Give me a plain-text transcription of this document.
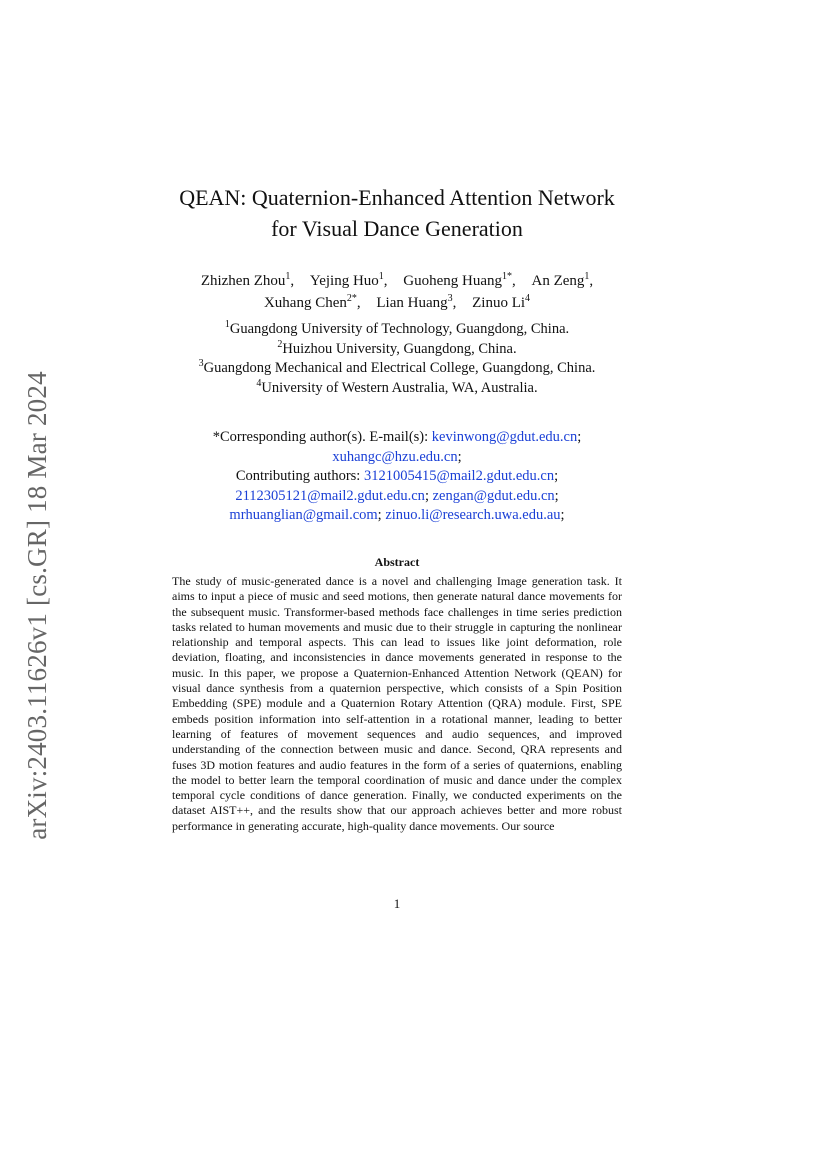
arXiv:2403.11626v1 [cs.GR] 18 Mar 2024
QEAN: Quaternion-Enhanced Attention Network
for Visual Dance Generation
Zhizhen Zhou$^1$, Yejing Huo$^1$, Guoheng Huang$^{1*}$, An Zeng$^1$,
Xuhang Chen$^{2*}$, Lian Huang$^3$, Zinuo Li$^4$
$^1$Guangdong University of Technology, Guangdong, China.
$^2$Huizhou University, Guangdong, China.
$^3$Guangdong Mechanical and Electrical College, Guangdong, China.
$^4$University of Western Australia, WA, Australia.
*Corresponding author(s). E-mail(s): kevinwong@gdut.edu.cn;
xuhangc@hzu.edu.cn;
Contributing authors: 3121005415@mail2.gdut.edu.cn;
2112305121@mail2.gdut.edu.cn; zengan@gdut.edu.cn;
mrhuanglian@gmail.com; zinuo.li@research.uwa.edu.au;
Abstract
The study of music-generated dance is a novel and challenging Image generation task. It aims to input a piece of music and seed motions, then generate natural dance movements for the subsequent music. Transformer-based methods face challenges in time series prediction tasks related to human movements and music due to their struggle in capturing the nonlinear relationship and temporal aspects. This can lead to issues like joint deformation, role deviation, floating, and inconsistencies in dance movements generated in response to the music. In this paper, we propose a Quaternion-Enhanced Attention Network (QEAN) for visual dance synthesis from a quaternion perspective, which consists of a Spin Position Embedding (SPE) module and a Quaternion Rotary Attention (QRA) module. First, SPE embeds position information into self-attention in a rotational manner, leading to better learning of features of movement sequences and audio sequences, and improved understanding of the connection between music and dance. Second, QRA represents and fuses 3D motion features and audio features in the form of a series of quaternions, enabling the model to better learn the temporal coordination of music and dance under the complex temporal cycle conditions of dance generation. Finally, we conducted experiments on the dataset AIST++, and the results show that our approach achieves better and more robust performance in generating accurate, high-quality dance movements. Our source
1
